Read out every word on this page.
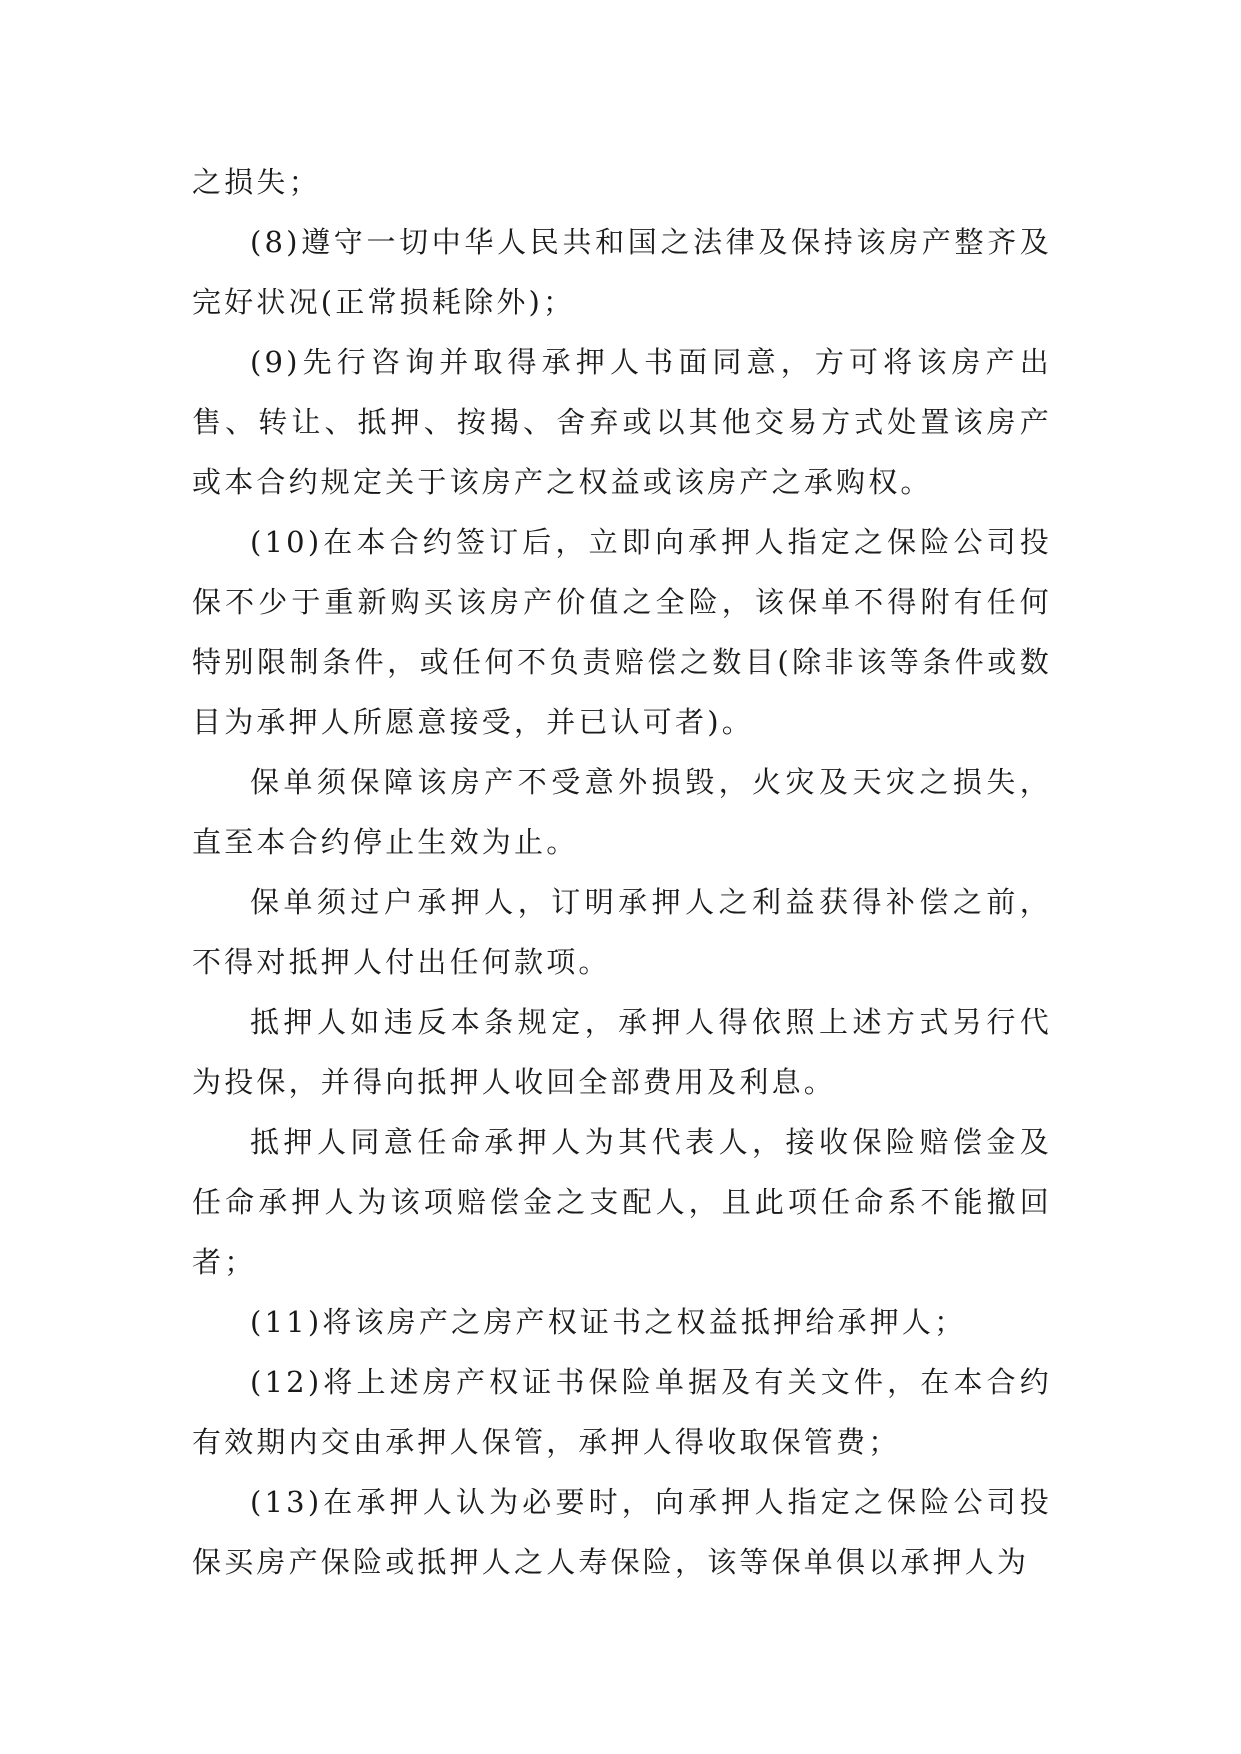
之损失；

(8)遵守一切中华人民共和国之法律及保持该房产整齐及完好状况(正常损耗除外)；

(9)先行咨询并取得承押人书面同意，方可将该房产出售、转让、抵押、按揭、舍弃或以其他交易方式处置该房产或本合约规定关于该房产之权益或该房产之承购权。

(10)在本合约签订后，立即向承押人指定之保险公司投保不少于重新购买该房产价值之全险，该保单不得附有任何特别限制条件，或任何不负责赔偿之数目(除非该等条件或数目为承押人所愿意接受，并已认可者)。

保单须保障该房产不受意外损毁，火灾及天灾之损失，直至本合约停止生效为止。

保单须过户承押人，订明承押人之利益获得补偿之前，不得对抵押人付出任何款项。

抵押人如违反本条规定，承押人得依照上述方式另行代为投保，并得向抵押人收回全部费用及利息。

抵押人同意任命承押人为其代表人，接收保险赔偿金及任命承押人为该项赔偿金之支配人，且此项任命系不能撤回者；

(11)将该房产之房产权证书之权益抵押给承押人；

(12)将上述房产权证书保险单据及有关文件，在本合约有效期内交由承押人保管，承押人得收取保管费；

(13)在承押人认为必要时，向承押人指定之保险公司投保买房产保险或抵押人之人寿保险，该等保单俱以承押人为
